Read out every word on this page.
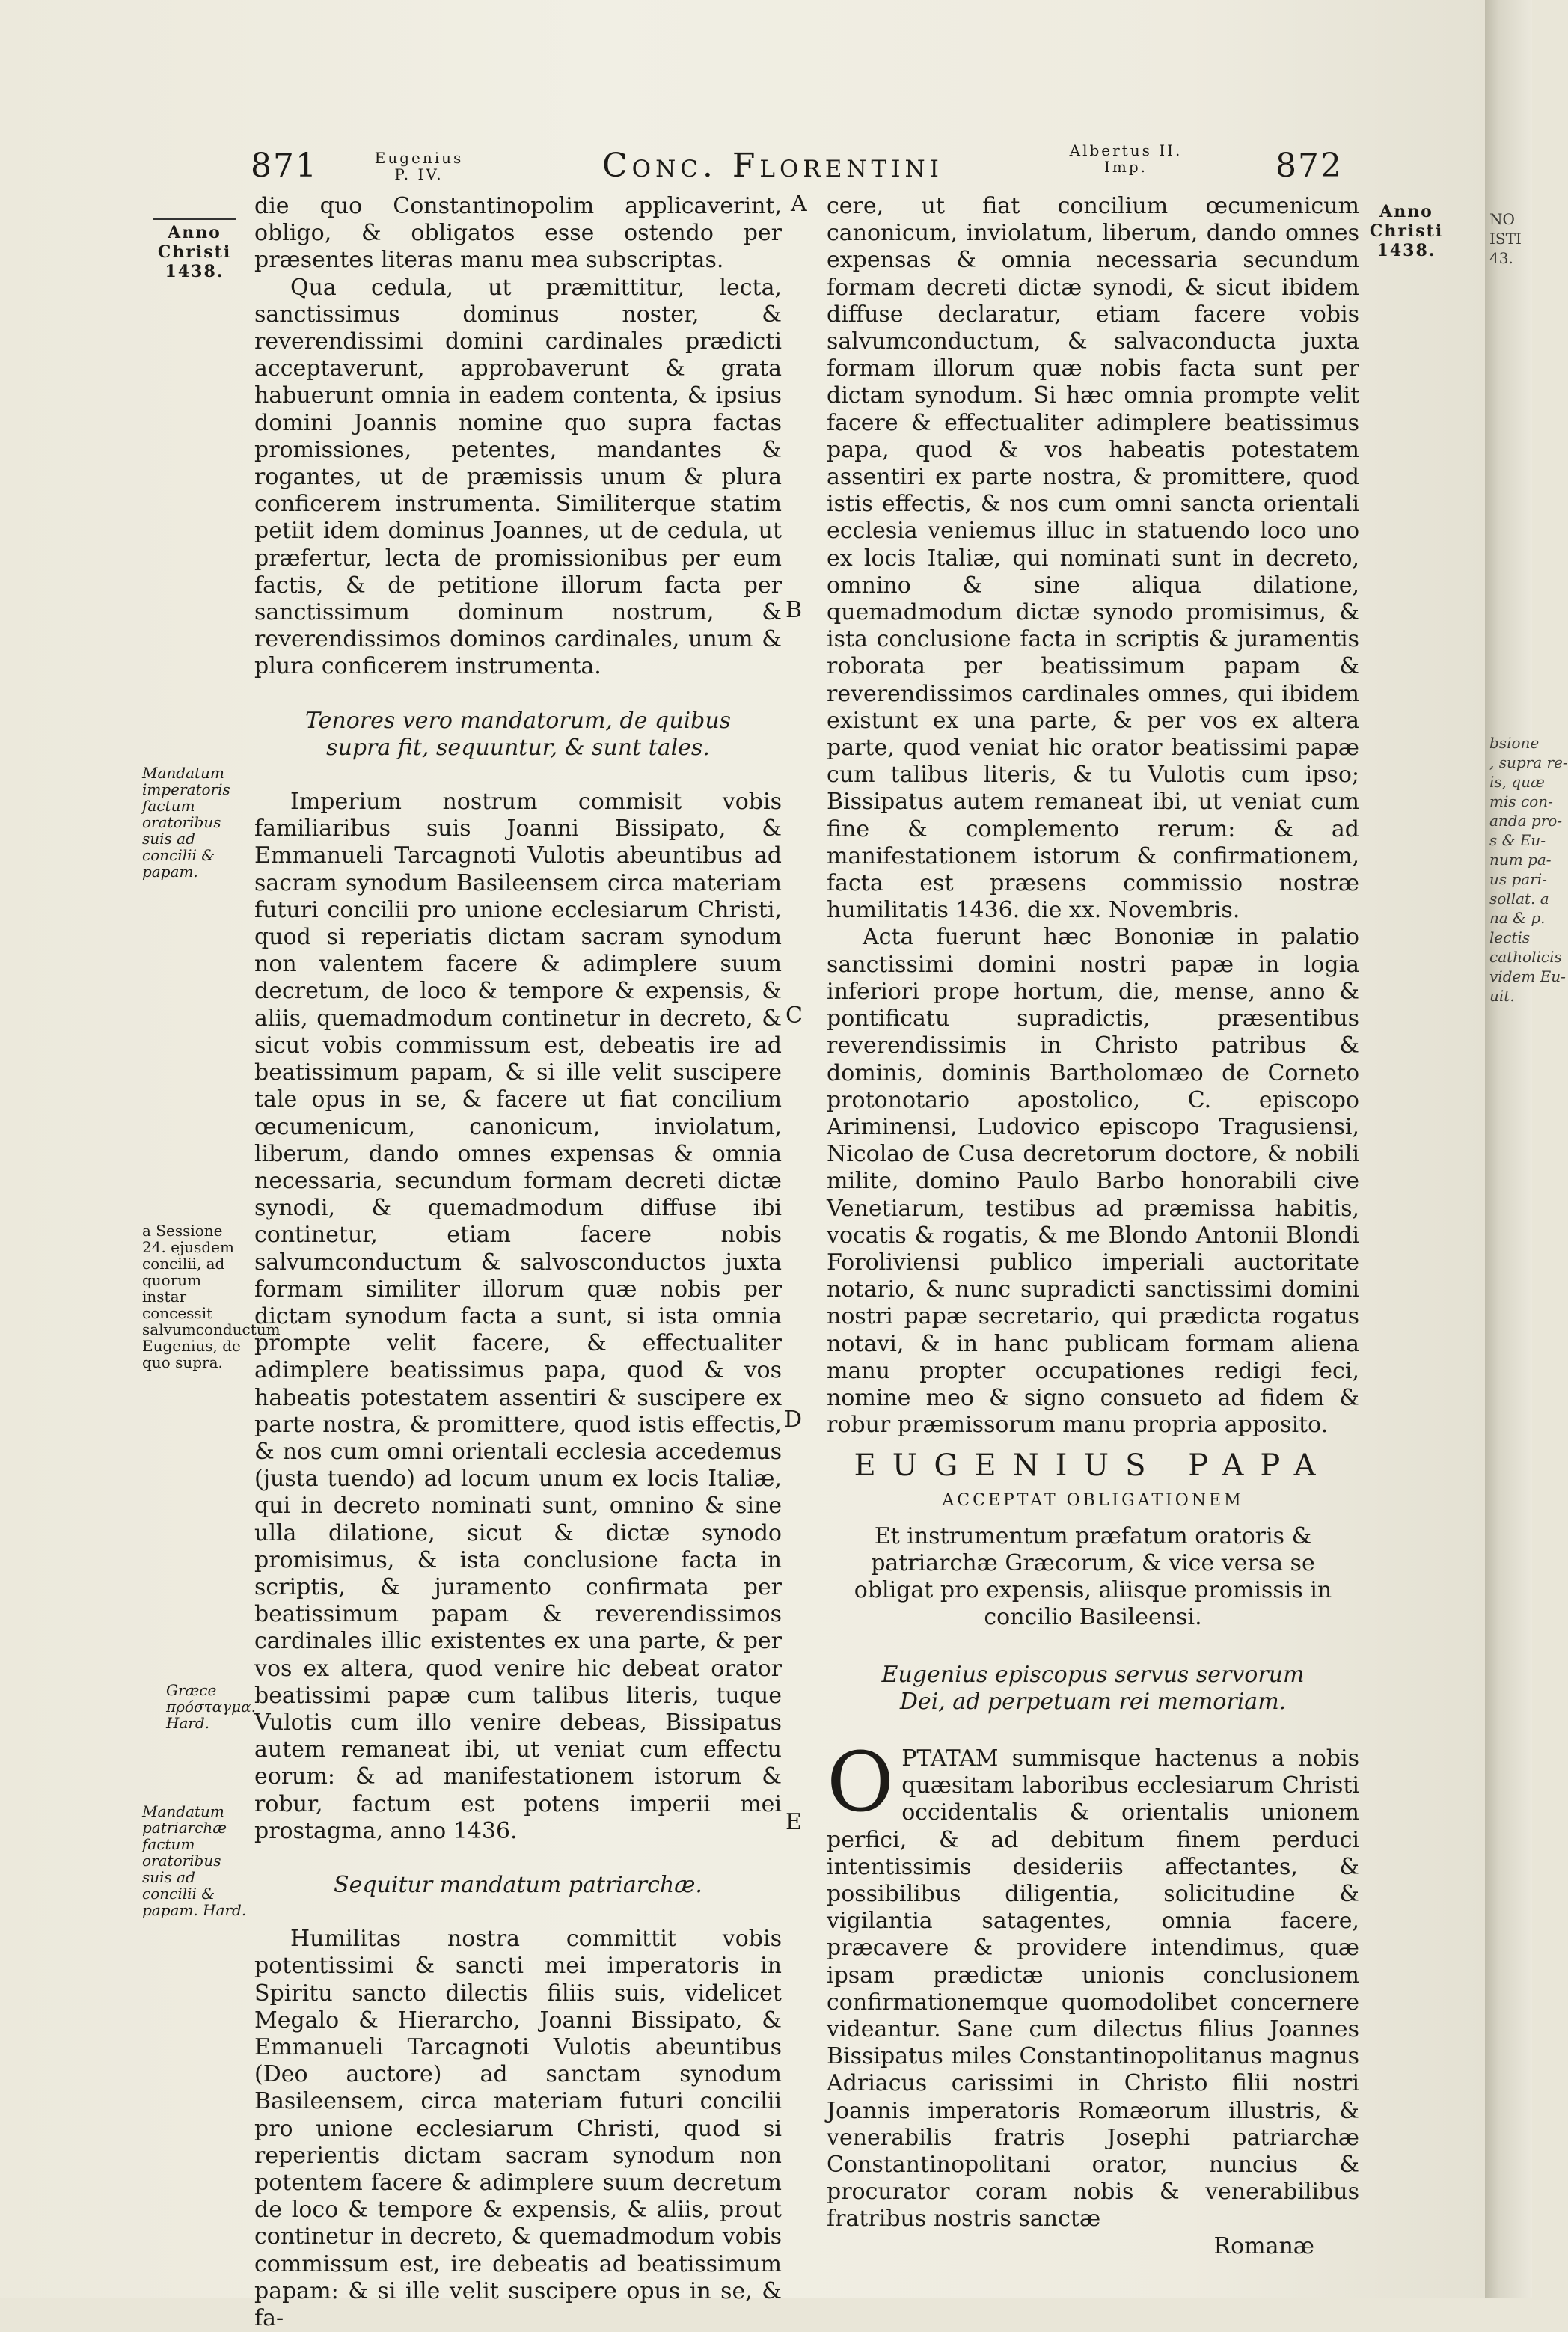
871	Eugenius P. IV.	Conc. Florentini	Albertus II. Imp.	872
Anno Christi 1438.
Anno Christi 1438.
A
B
C
D
E
Mandatum imperatoris factum oratoribus suis ad concilii & papam.
a Sessione 24. ejusdem concilii, ad quorum instar concessit salvumconductum Eugenius, de quo supra.
Græce πρόσταγμα. Hard.
Mandatum patriarchæ factum oratoribus suis ad concilii & papam. Hard.

die quo Constantinopolim applicaverint, obligo, & obligatos esse ostendo per præsentes literas manu mea subscriptas.

Qua cedula, ut præmittitur, lecta, sanctissimus dominus noster, & reverendissimi domini cardinales prædicti acceptaverunt, approbaverunt & grata habuerunt omnia in eadem contenta, & ipsius domini Joannis nomine quo supra factas promissiones, petentes, mandantes & rogantes, ut de præmissis unum & plura conficerem instrumenta. Similiterque statim petiit idem dominus Joannes, ut de cedula, ut præfertur, lecta de promissionibus per eum factis, & de petitione illorum facta per sanctissimum dominum nostrum, & reverendissimos dominos cardinales, unum & plura conficerem instrumenta.

Tenores vero mandatorum, de quibus supra fit, sequuntur, & sunt tales.

Imperium nostrum commisit vobis familiaribus suis Joanni Bissipato, & Emmanueli Tarcagnoti Vulotis abeuntibus ad sacram synodum Basileensem circa materiam futuri concilii pro unione ecclesiarum Christi, quod si reperiatis dictam sacram synodum non valentem facere & adimplere suum decretum, de loco & tempore & expensis, & aliis, quemadmodum continetur in decreto, & sicut vobis commissum est, debeatis ire ad beatissimum papam, & si ille velit suscipere tale opus in se, & facere ut fiat concilium œcumenicum, canonicum, inviolatum, liberum, dando omnes expensas & omnia necessaria, secundum formam decreti dictæ synodi, & quemadmodum diffuse ibi continetur, etiam facere nobis salvumconductum & salvosconductos juxta formam similiter illorum quæ nobis per dictam synodum facta a sunt, si ista omnia prompte velit facere, & effectualiter adimplere beatissimus papa, quod & vos habeatis potestatem assentiri & suscipere ex parte nostra, & promittere, quod istis effectis, & nos cum omni orientali ecclesia accedemus (justa tuendo) ad locum unum ex locis Italiæ, qui in decreto nominati sunt, omnino & sine ulla dilatione, sicut & dictæ synodo promisimus, & ista conclusione facta in scriptis, & juramento confirmata per beatissimum papam & reverendissimos cardinales illic existentes ex una parte, & per vos ex altera, quod venire hic debeat orator beatissimi papæ cum talibus literis, tuque Vulotis cum illo venire debeas, Bissipatus autem remaneat ibi, ut veniat cum effectu eorum: & ad manifestationem istorum & robur, factum est potens imperii mei prostagma, anno 1436.

Sequitur mandatum patriarchæ.

Humilitas nostra committit vobis potentissimi & sancti mei imperatoris in Spiritu sancto dilectis filiis suis, videlicet Megalo & Hierarcho, Joanni Bissipato, & Emmanueli Tarcagnoti Vulotis abeuntibus (Deo auctore) ad sanctam synodum Basileensem, circa materiam futuri concilii pro unione ecclesiarum Christi, quod si reperientis dictam sacram synodum non potentem facere & adimplere suum decretum de loco & tempore & expensis, & aliis, prout continetur in decreto, & quemadmodum vobis commissum est, ire debeatis ad beatissimum papam: & si ille velit suscipere opus in se, & fa-

cere, ut fiat concilium œcumenicum canonicum, inviolatum, liberum, dando omnes expensas & omnia necessaria secundum formam decreti dictæ synodi, & sicut ibidem diffuse declaratur, etiam facere vobis salvumconductum, & salvaconducta juxta formam illorum quæ nobis facta sunt per dictam synodum. Si hæc omnia prompte velit facere & effectualiter adimplere beatissimus papa, quod & vos habeatis potestatem assentiri ex parte nostra, & promittere, quod istis effectis, & nos cum omni sancta orientali ecclesia veniemus illuc in statuendo loco uno ex locis Italiæ, qui nominati sunt in decreto, omnino & sine aliqua dilatione, quemadmodum dictæ synodo promisimus, & ista conclusione facta in scriptis & juramentis roborata per beatissimum papam & reverendissimos cardinales omnes, qui ibidem existunt ex una parte, & per vos ex altera parte, quod veniat hic orator beatissimi papæ cum talibus literis, & tu Vulotis cum ipso; Bissipatus autem remaneat ibi, ut veniat cum fine & complemento rerum: & ad manifestationem istorum & confirmationem, facta est præsens commissio nostræ humilitatis 1436. die xx. Novembris.

Acta fuerunt hæc Bononiæ in palatio sanctissimi domini nostri papæ in logia inferiori prope hortum, die, mense, anno & pontificatu supradictis, præsentibus reverendissimis in Christo patribus & dominis, dominis Bartholomæo de Corneto protonotario apostolico, C. episcopo Ariminensi, Ludovico episcopo Tragusiensi, Nicolao de Cusa decretorum doctore, & nobili milite, domino Paulo Barbo honorabili cive Venetiarum, testibus ad præmissa habitis, vocatis & rogatis, & me Blondo Antonii Blondi Foroliviensi publico imperiali auctoritate notario, & nunc supradicti sanctissimi domini nostri papæ secretario, qui prædicta rogatus notavi, & in hanc publicam formam aliena manu propter occupationes redigi feci, nomine meo & signo consueto ad fidem & robur præmissorum manu propria apposito.

EUGENIUS PAPA
ACCEPTAT OBLIGATIONEM

Et instrumentum præfatum oratoris & patriarchæ Græcorum, & vice versa se obligat pro expensis, aliisque promissis in concilio Basileensi.

Eugenius episcopus servus servorum Dei, ad perpetuam rei memoriam.

OPTATAM summisque hactenus a nobis quæsitam laboribus ecclesiarum Christi occidentalis & orientalis unionem perfici, & ad debitum finem perduci intentissimis desideriis affectantes, & possibilibus diligentia, solicitudine & vigilantia satagentes, omnia facere, præcavere & providere intendimus, quæ ipsam prædictæ unionis conclusionem confirmationemque quomodolibet concernere videantur. Sane cum dilectus filius Joannes Bissipatus miles Constantinopolitanus magnus Adriacus carissimi in Christo filii nostri Joannis imperatoris Romæorum illustris, & venerabilis fratris Josephi patriarchæ Constantinopolitani orator, nuncius & procurator coram nobis & venerabilibus fratribus nostris sanctæ

Romanæ

NO
ISTI
43.
bsione
, supra re-
is, quæ
mis con-
anda pro-
s & Eu-
num pa-
us pari-
sollat. a
na & p.
lectis
catholicis
videm Eu-
uit.
